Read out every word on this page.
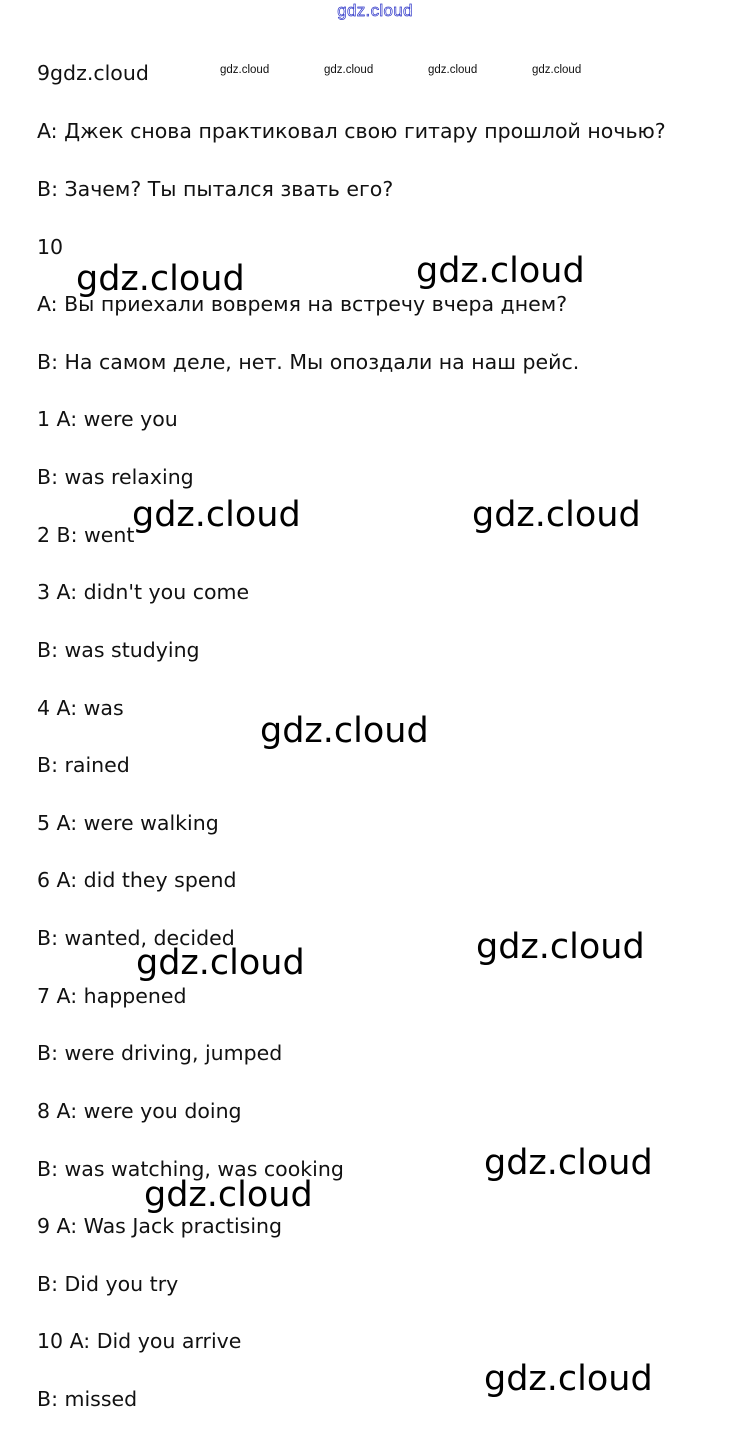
gdz.cloud
9gdz.cloud
A: Джек снова практиковал свою гитару прошлой ночью?
B: Зачем? Ты пытался звать его?
10
A: Вы приехали вовремя на встречу вчера днем?
B: На самом деле, нет. Мы опоздали на наш рейс.
1 A: were you
B: was relaxing
2 B: went
3 A: didn't you come
B: was studying
4 A: was
B: rained
5 A: were walking
6 A: did they spend
B: wanted, decided
7 A: happened
B: were driving, jumped
8 A: were you doing
B: was watching, was cooking
9 A: Was Jack practising
B: Did you try
10 A: Did you arrive
B: missed
gdz.cloud	gdz.cloud	gdz.cloud	gdz.cloud
gdz.cloud	gdz.cloud
gdz.cloud	gdz.cloud
gdz.cloud
gdz.cloud	gdz.cloud
gdz.cloud
gdz.cloud
gdz.cloud
